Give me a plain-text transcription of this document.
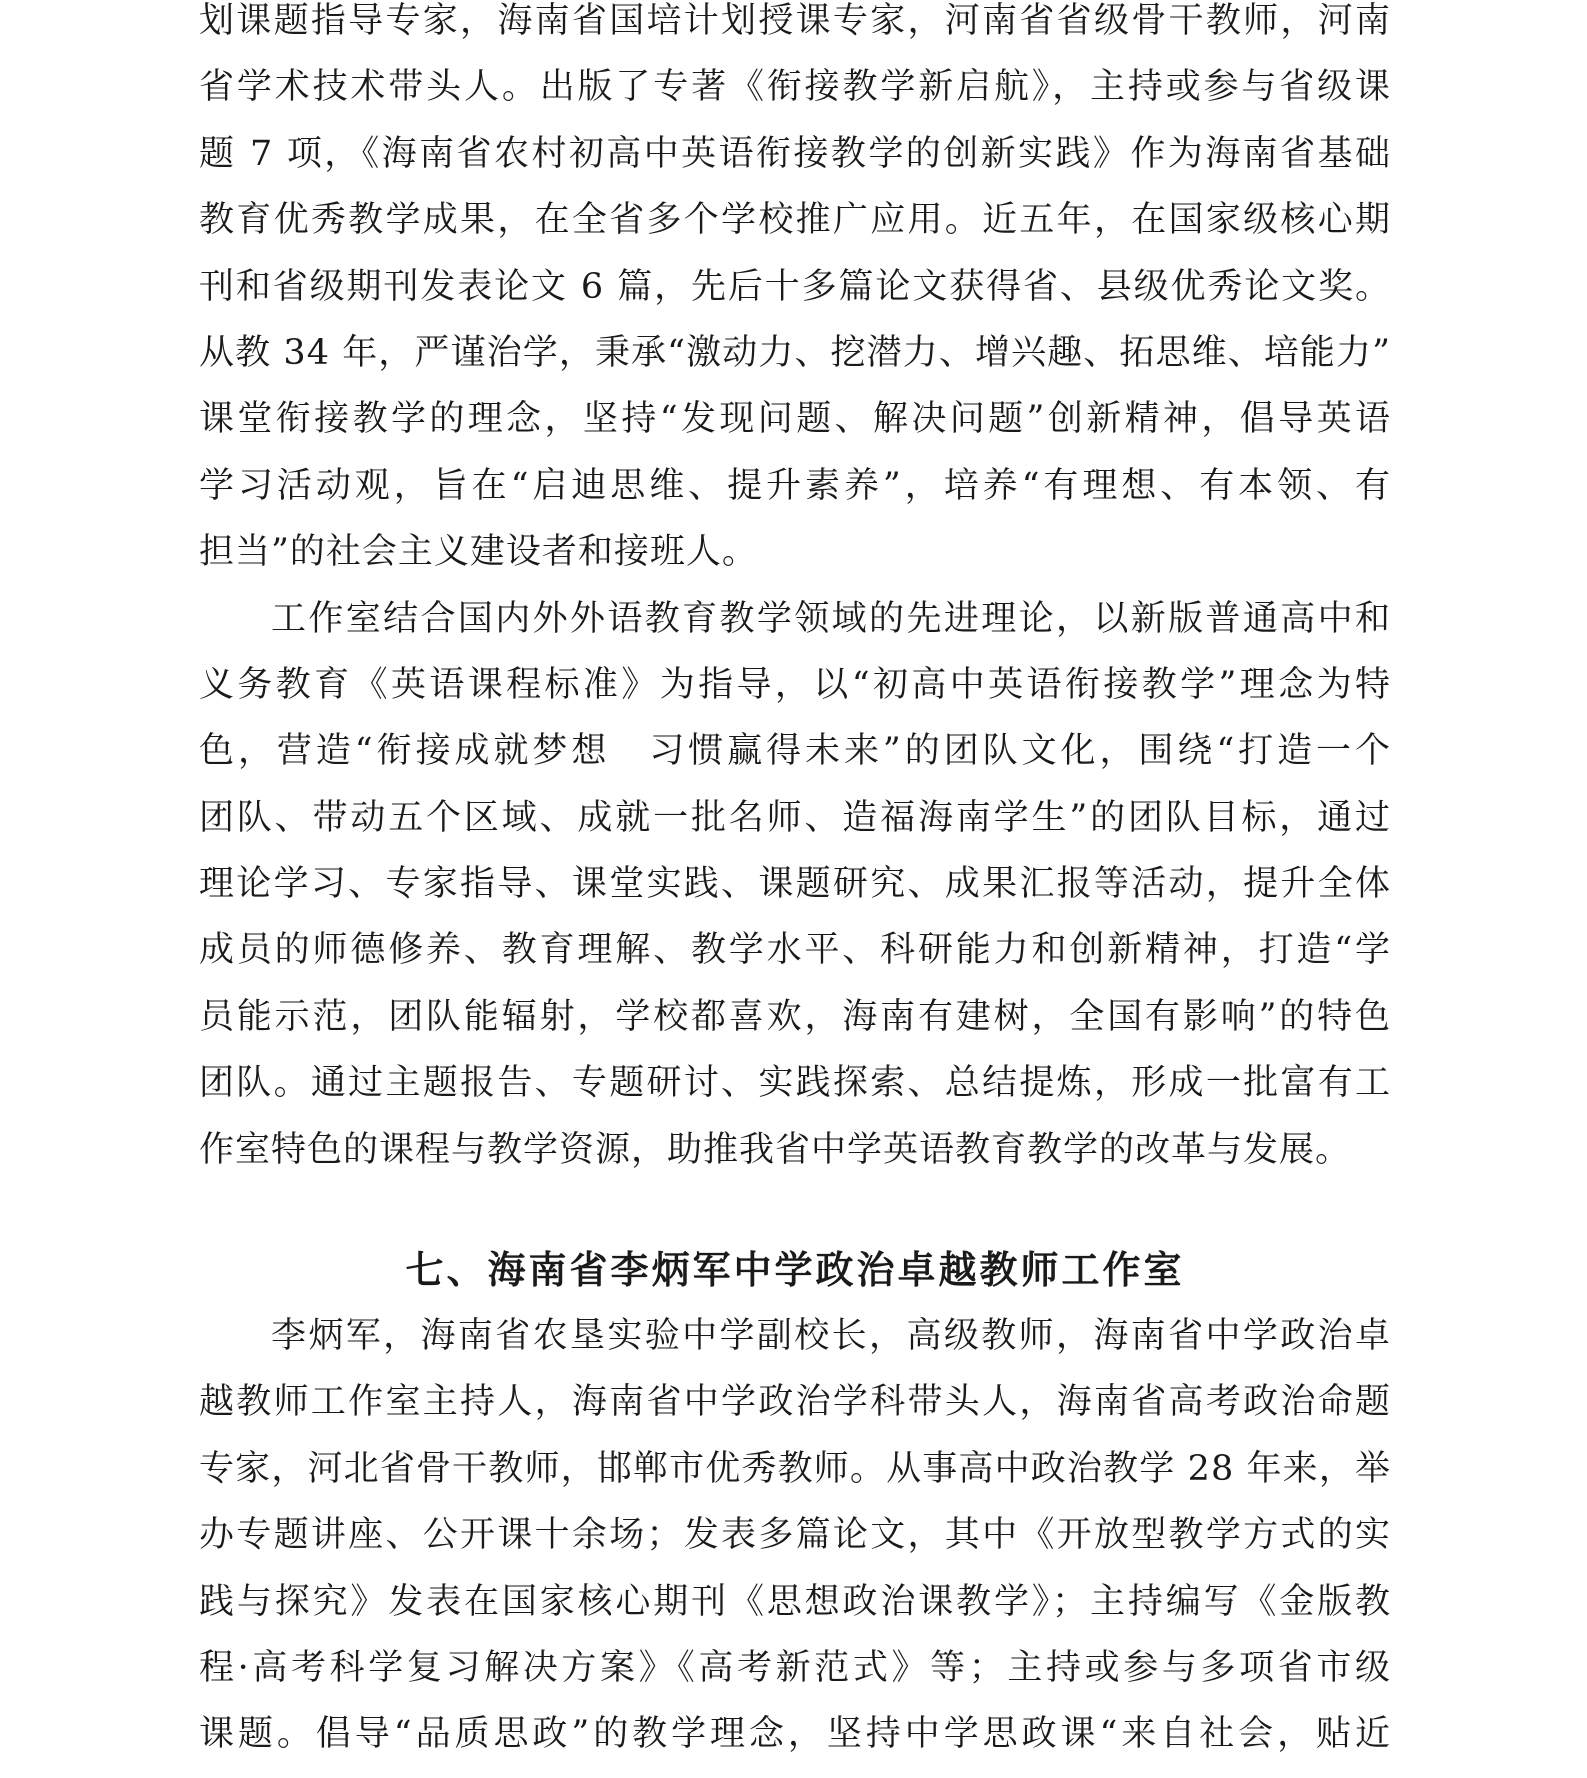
划课题指导专家，海南省国培计划授课专家，河南省省级骨干教师，河南
省学术技术带头人。出版了专著《衔接教学新启航》，主持或参与省级课
题 7 项，《海南省农村初高中英语衔接教学的创新实践》作为海南省基础
教育优秀教学成果，在全省多个学校推广应用。近五年，在国家级核心期
刊和省级期刊发表论文 6 篇，先后十多篇论文获得省、县级优秀论文奖。
从教 34 年，严谨治学，秉承“激动力、挖潜力、增兴趣、拓思维、培能力”
课堂衔接教学的理念，坚持“发现问题、解决问题”创新精神，倡导英语
学习活动观，旨在“启迪思维、提升素养”，培养“有理想、有本领、有
担当”的社会主义建设者和接班人。
工作室结合国内外外语教育教学领域的先进理论，以新版普通高中和
义务教育《英语课程标准》为指导，以“初高中英语衔接教学”理念为特
色，营造“衔接成就梦想　习惯赢得未来”的团队文化，围绕“打造一个
团队、带动五个区域、成就一批名师、造福海南学生”的团队目标，通过
理论学习、专家指导、课堂实践、课题研究、成果汇报等活动，提升全体
成员的师德修养、教育理解、教学水平、科研能力和创新精神，打造“学
员能示范，团队能辐射，学校都喜欢，海南有建树，全国有影响”的特色
团队。通过主题报告、专题研讨、实践探索、总结提炼，形成一批富有工
作室特色的课程与教学资源，助推我省中学英语教育教学的改革与发展。
七、海南省李炳军中学政治卓越教师工作室
李炳军，海南省农垦实验中学副校长，高级教师，海南省中学政治卓
越教师工作室主持人，海南省中学政治学科带头人，海南省高考政治命题
专家，河北省骨干教师，邯郸市优秀教师。从事高中政治教学 28 年来，举
办专题讲座、公开课十余场；发表多篇论文，其中《开放型教学方式的实
践与探究》发表在国家核心期刊《思想政治课教学》；主持编写《金版教
程·高考科学复习解决方案》《高考新范式》等；主持或参与多项省市级
课题。倡导“品质思政”的教学理念，坚持中学思政课“来自社会，贴近
